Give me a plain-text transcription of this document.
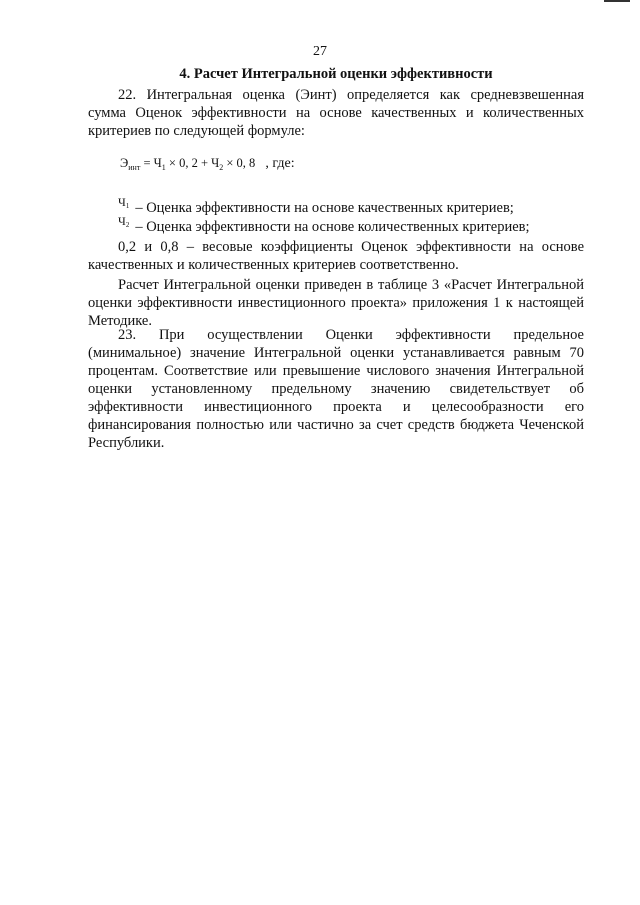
27
4. Расчет Интегральной оценки эффективности
22. Интегральная оценка (Эинт) определяется как средневзвешенная сумма Оценок эффективности на основе качественных и количественных критериев по следующей формуле:
$Э_{инт} = Ч_1 \times 0$, $2 + Ч_2 \times 0$, 8 , где:
$^{Ч_1}$ – Оценка эффективности на основе качественных критериев;
$^{Ч_2}$ – Оценка эффективности на основе количественных критериев;
0,2 и 0,8 – весовые коэффициенты Оценок эффективности на основе качественных и количественных критериев соответственно.
Расчет Интегральной оценки приведен в таблице 3 «Расчет Интегральной оценки эффективности инвестиционного проекта» приложения 1 к настоящей Методике.
23. При осуществлении Оценки эффективности предельное (минимальное) значение Интегральной оценки устанавливается равным 70 процентам. Соответствие или превышение числового значения Интегральной оценки установленному предельному значению свидетельствует об эффективности инвестиционного проекта и целесообразности его финансирования полностью или частично за счет средств бюджета Чеченской Республики.
